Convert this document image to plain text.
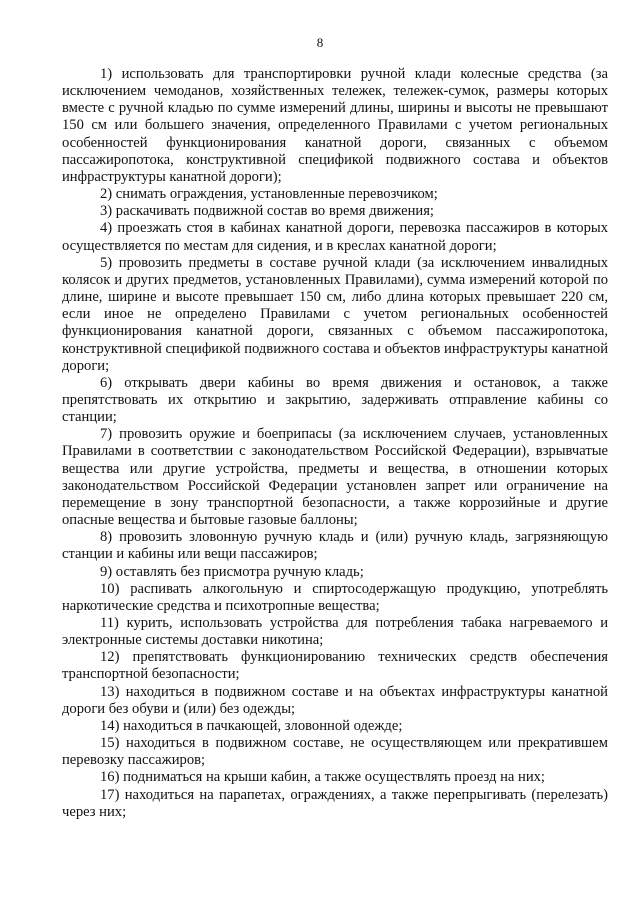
8

1) использовать для транспортировки ручной клади колесные средства (за исключением чемоданов, хозяйственных тележек, тележек-сумок, размеры которых вместе с ручной кладью по сумме измерений длины, ширины и высоты не превышают 150 см или большего значения, определенного Правилами с учетом региональных особенностей функционирования канатной дороги, связанных с объемом пассажиропотока, конструктивной спецификой подвижного состава и объектов инфраструктуры канатной дороги);

2) снимать ограждения, установленные перевозчиком;

3) раскачивать подвижной состав во время движения;

4) проезжать стоя в кабинах канатной дороги, перевозка пассажиров в которых осуществляется по местам для сидения, и в креслах канатной дороги;

5) провозить предметы в составе ручной клади (за исключением инвалидных колясок и других предметов, установленных Правилами), сумма измерений которой по длине, ширине и высоте превышает 150 см, либо длина которых превышает 220 см, если иное не определено Правилами с учетом региональных особенностей функционирования канатной дороги, связанных с объемом пассажиропотока, конструктивной спецификой подвижного состава и объектов инфраструктуры канатной дороги;

6) открывать двери кабины во время движения и остановок, а также препятствовать их открытию и закрытию, задерживать отправление кабины со станции;

7) провозить оружие и боеприпасы (за исключением случаев, установленных Правилами в соответствии с законодательством Российской Федерации), взрывчатые вещества или другие устройства, предметы и вещества, в отношении которых законодательством Российской Федерации установлен запрет или ограничение на перемещение в зону транспортной безопасности, а также коррозийные и другие опасные вещества и бытовые газовые баллоны;

8) провозить зловонную ручную кладь и (или) ручную кладь, загрязняющую станции и кабины или вещи пассажиров;

9) оставлять без присмотра ручную кладь;

10) распивать алкогольную и спиртосодержащую продукцию, употреблять наркотические средства и психотропные вещества;

11) курить, использовать устройства для потребления табака нагреваемого и электронные системы доставки никотина;

12) препятствовать функционированию технических средств обеспечения транспортной безопасности;

13) находиться в подвижном составе и на объектах инфраструктуры канатной дороги без обуви и (или) без одежды;

14) находиться в пачкающей, зловонной одежде;

15) находиться в подвижном составе, не осуществляющем или прекратившем перевозку пассажиров;

16) подниматься на крыши кабин, а также осуществлять проезд на них;

17) находиться на парапетах, ограждениях, а также перепрыгивать (перелезать) через них;
